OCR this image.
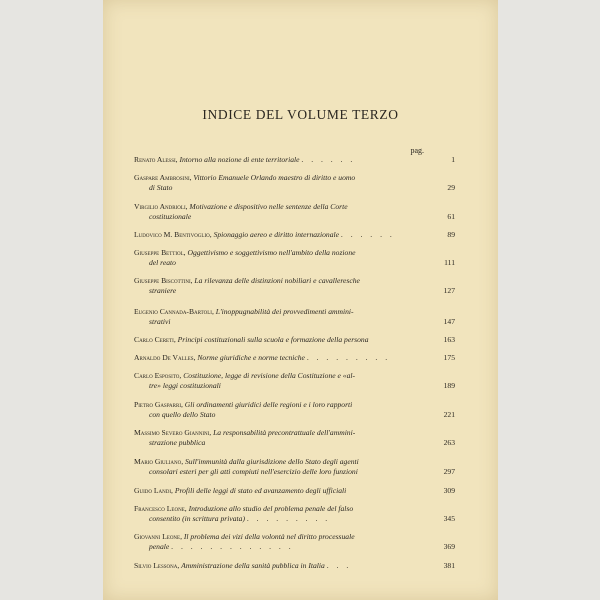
INDICE DEL VOLUME TERZO
pag.
Renato Alessi, Intorno alla nozione di ente territoriale . . . . . .	1
Gaspare Ambrosini, Vittorio Emanuele Orlando maestro di diritto e uomo
di Stato	29
Virgilio Andrioli, Motivazione e dispositivo nelle sentenze della Corte
costituzionale	61
Ludovico M. Bentivoglio, Spionaggio aereo e diritto internazionale . . . . . .	89
Giuseppe Bettiol, Oggettivismo e soggettivismo nell'ambito della nozione
del reato	111
Giuseppe Biscottini, La rilevanza delle distinzioni nobiliari e cavalleresche
straniere	127
Eugenio Cannada-Bartoli, L'inoppugnabilità dei provvedimenti ammini-
strativi	147
Carlo Cereti, Principi costituzionali sulla scuola e formazione della persona	163
Arnaldo De Valles, Norme giuridiche e norme tecniche . . . . . . . . .	175
Carlo Esposito, Costituzione, legge di revisione della Costituzione e «al-
tre» leggi costituzionali	189
Pietro Gasparri, Gli ordinamenti giuridici delle regioni e i loro rapporti
con quello dello Stato	221
Massimo Severo Giannini, La responsabilità precontrattuale dell'ammini-
strazione pubblica	263
Mario Giuliano, Sull'immunità dalla giurisdizione dello Stato degli agenti
consolari esteri per gli atti compiuti nell'esercizio delle loro funzioni	297
Guido Landi, Profili delle leggi di stato ed avanzamento degli ufficiali	309
Francesco Leone, Introduzione allo studio del problema penale del falso
consentito (in scrittura privata) . . . . . . . . .	345
Giovanni Leone, Il problema dei vizi della volontà nel diritto processuale
penale . . . . . . . . . . . . .	369
Silvio Lessona, Amministrazione della sanità pubblica in Italia . . .	381
